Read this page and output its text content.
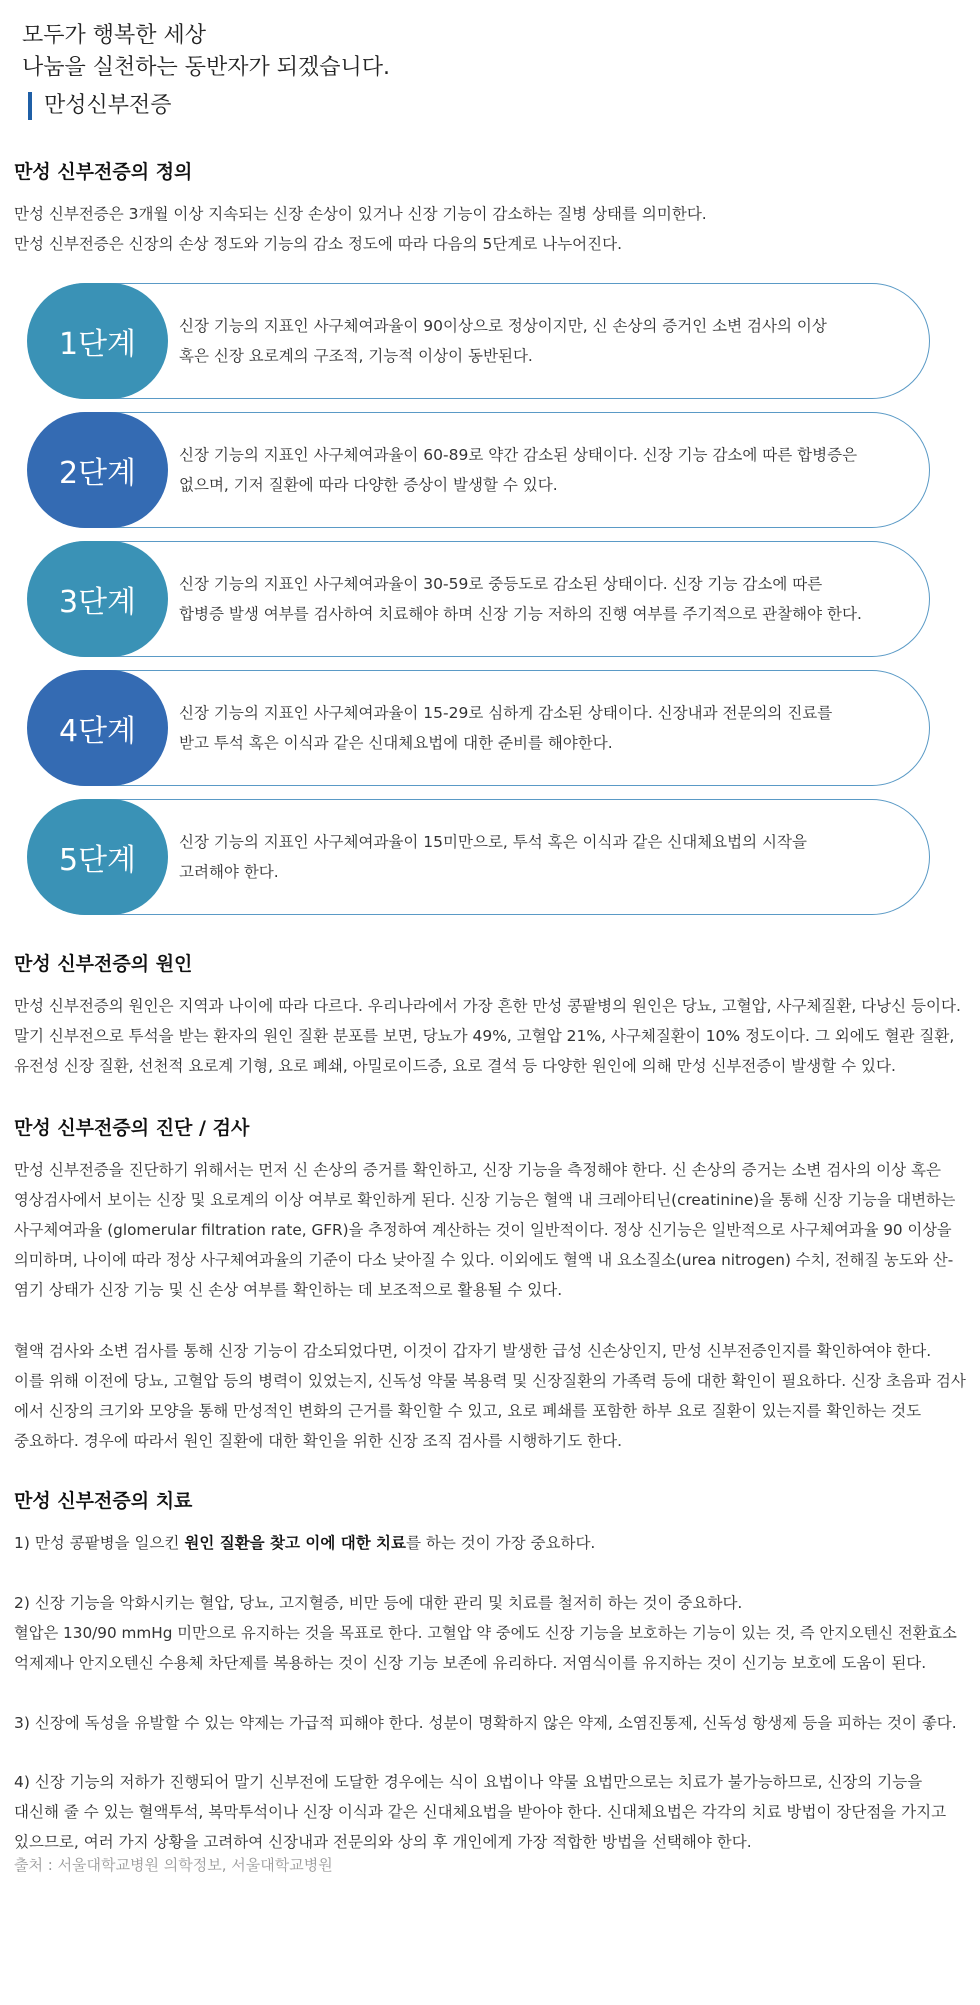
모두가 행복한 세상
나눔을 실천하는 동반자가 되겠습니다.
만성신부전증
만성 신부전증의 정의
만성 신부전증은 3개월 이상 지속되는 신장 손상이 있거나 신장 기능이 감소하는 질병 상태를 의미한다.
만성 신부전증은 신장의 손상 정도와 기능의 감소 정도에 따라 다음의 5단계로 나누어진다.
1단계
신장 기능의 지표인 사구체여과율이 90이상으로 정상이지만, 신 손상의 증거인 소변 검사의 이상
혹은 신장 요로계의 구조적, 기능적 이상이 동반된다.
2단계
신장 기능의 지표인 사구체여과율이 60-89로 약간 감소된 상태이다. 신장 기능 감소에 따른 합병증은
없으며, 기저 질환에 따라 다양한 증상이 발생할 수 있다.
3단계
신장 기능의 지표인 사구체여과율이 30-59로 중등도로 감소된 상태이다. 신장 기능 감소에 따른
합병증 발생 여부를 검사하여 치료해야 하며 신장 기능 저하의 진행 여부를 주기적으로 관찰해야 한다.
4단계
신장 기능의 지표인 사구체여과율이 15-29로 심하게 감소된 상태이다. 신장내과 전문의의 진료를
받고 투석 혹은 이식과 같은 신대체요법에 대한 준비를 해야한다.
5단계
신장 기능의 지표인 사구체여과율이 15미만으로, 투석 혹은 이식과 같은 신대체요법의 시작을
고려해야 한다.
만성 신부전증의 원인
만성 신부전증의 원인은 지역과 나이에 따라 다르다. 우리나라에서 가장 흔한 만성 콩팥병의 원인은 당뇨, 고혈압, 사구체질환, 다낭신 등이다.
말기 신부전으로 투석을 받는 환자의 원인 질환 분포를 보면, 당뇨가 49%, 고혈압 21%, 사구체질환이 10% 정도이다. 그 외에도 혈관 질환,
유전성 신장 질환, 선천적 요로계 기형, 요로 폐쇄, 아밀로이드증, 요로 결석 등 다양한 원인에 의해 만성 신부전증이 발생할 수 있다.
만성 신부전증의 진단 / 검사
만성 신부전증을 진단하기 위해서는 먼저 신 손상의 증거를 확인하고, 신장 기능을 측정해야 한다. 신 손상의 증거는 소변 검사의 이상 혹은
영상검사에서 보이는 신장 및 요로계의 이상 여부로 확인하게 된다. 신장 기능은 혈액 내 크레아티닌(creatinine)을 통해 신장 기능을 대변하는
사구체여과율 (glomerular filtration rate, GFR)을 추정하여 계산하는 것이 일반적이다. 정상 신기능은 일반적으로 사구체여과율 90 이상을
의미하며, 나이에 따라 정상 사구체여과율의 기준이 다소 낮아질 수 있다. 이외에도 혈액 내 요소질소(urea nitrogen) 수치, 전해질 농도와 산-
염기 상태가 신장 기능 및 신 손상 여부를 확인하는 데 보조적으로 활용될 수 있다.
혈액 검사와 소변 검사를 통해 신장 기능이 감소되었다면, 이것이 갑자기 발생한 급성 신손상인지, 만성 신부전증인지를 확인하여야 한다.
이를 위해 이전에 당뇨, 고혈압 등의 병력이 있었는지, 신독성 약물 복용력 및 신장질환의 가족력 등에 대한 확인이 필요하다. 신장 초음파 검사
에서 신장의 크기와 모양을 통해 만성적인 변화의 근거를 확인할 수 있고, 요로 폐쇄를 포함한 하부 요로 질환이 있는지를 확인하는 것도
중요하다. 경우에 따라서 원인 질환에 대한 확인을 위한 신장 조직 검사를 시행하기도 한다.
만성 신부전증의 치료
1) 만성 콩팥병을 일으킨 원인 질환을 찾고 이에 대한 치료를 하는 것이 가장 중요하다.
2) 신장 기능을 악화시키는 혈압, 당뇨, 고지혈증, 비만 등에 대한 관리 및 치료를 철저히 하는 것이 중요하다.
혈압은 130/90 mmHg 미만으로 유지하는 것을 목표로 한다. 고혈압 약 중에도 신장 기능을 보호하는 기능이 있는 것, 즉 안지오텐신 전환효소
억제제나 안지오텐신 수용체 차단제를 복용하는 것이 신장 기능 보존에 유리하다. 저염식이를 유지하는 것이 신기능 보호에 도움이 된다.
3) 신장에 독성을 유발할 수 있는 약제는 가급적 피해야 한다. 성분이 명확하지 않은 약제, 소염진통제, 신독성 항생제 등을 피하는 것이 좋다.
4) 신장 기능의 저하가 진행되어 말기 신부전에 도달한 경우에는 식이 요법이나 약물 요법만으로는 치료가 불가능하므로, 신장의 기능을
대신해 줄 수 있는 혈액투석, 복막투석이나 신장 이식과 같은 신대체요법을 받아야 한다. 신대체요법은 각각의 치료 방법이 장단점을 가지고
있으므로, 여러 가지 상황을 고려하여 신장내과 전문의와 상의 후 개인에게 가장 적합한 방법을 선택해야 한다.
출처 : 서울대학교병원 의학정보, 서울대학교병원
